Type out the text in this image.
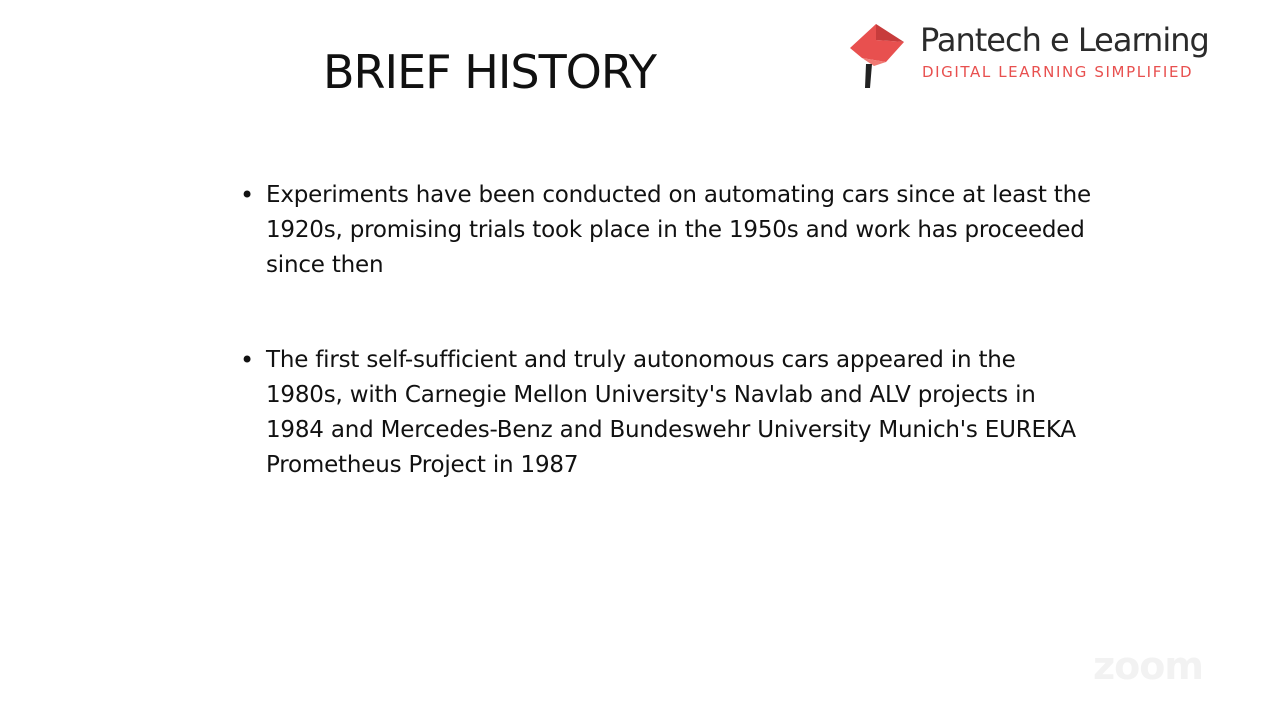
BRIEF HISTORY
Pantech e Learning
DIGITAL LEARNING SIMPLIFIED
• Experiments have been conducted on automating cars since at least the 1920s, promising trials took place in the 1950s and work has proceeded since then
• The first self-sufficient and truly autonomous cars appeared in the 1980s, with Carnegie Mellon University's Navlab and ALV projects in 1984 and Mercedes-Benz and Bundeswehr University Munich's EUREKA Prometheus Project in 1987
zoom
